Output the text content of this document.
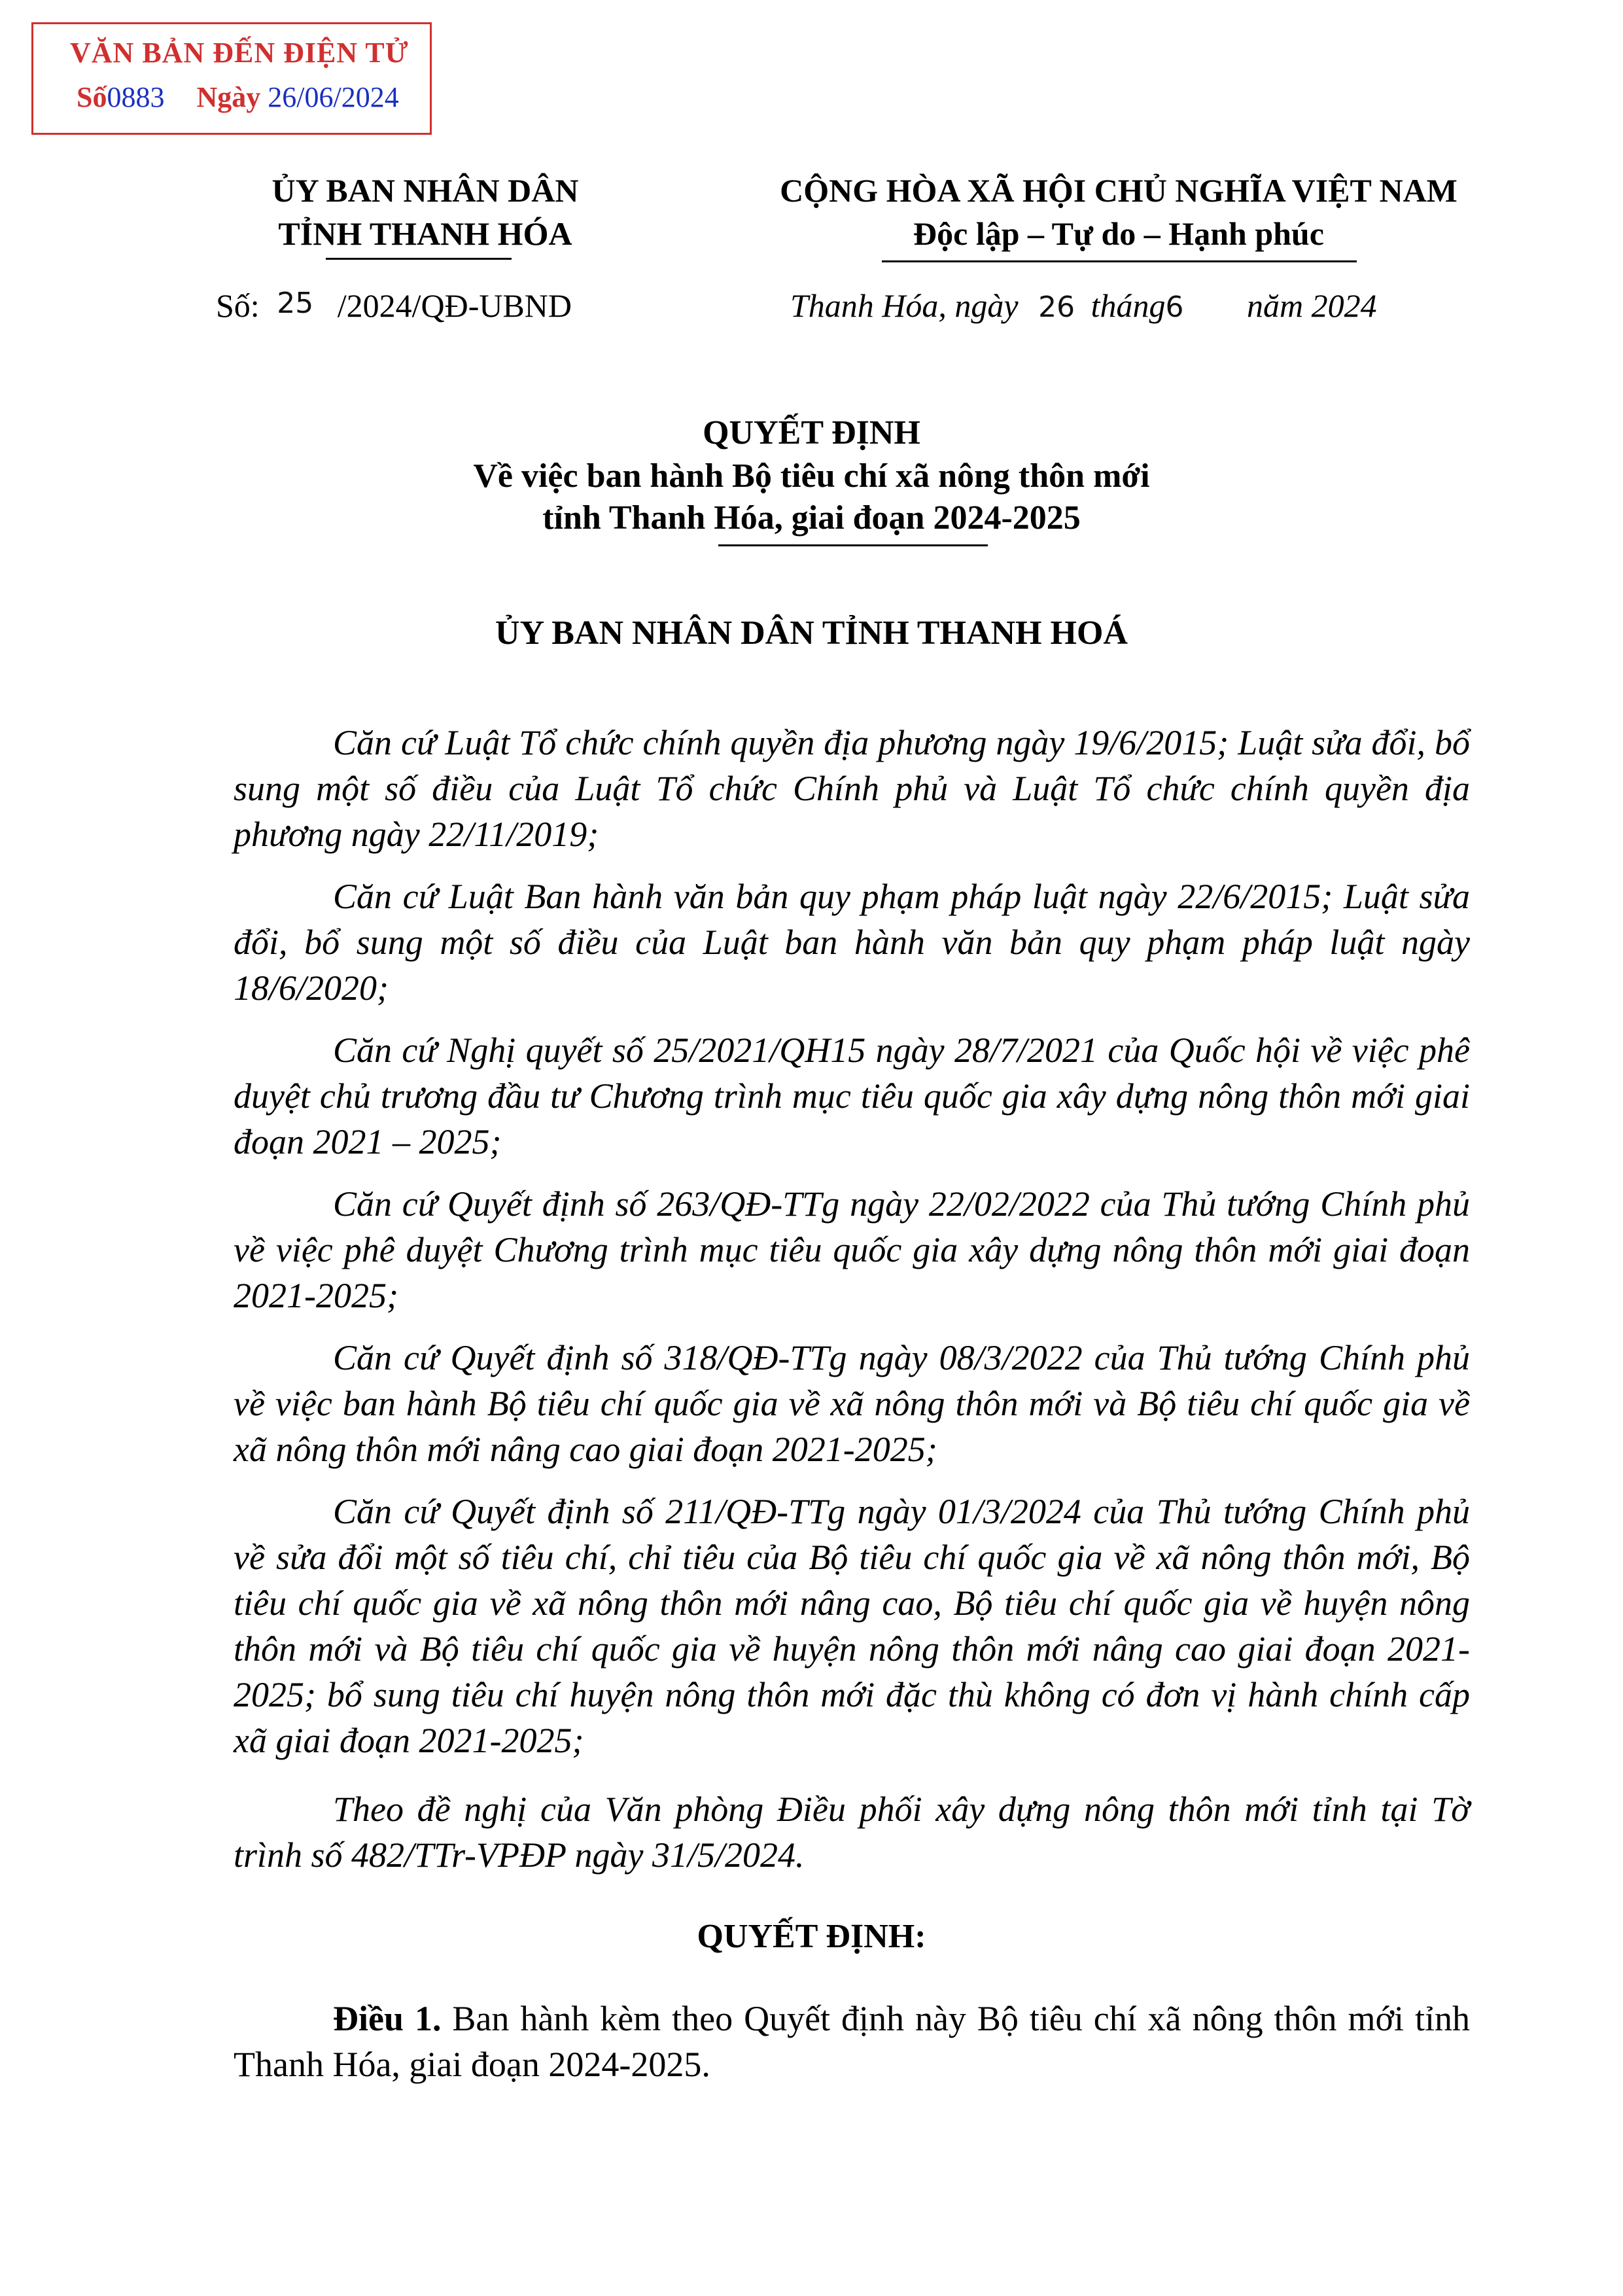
VĂN BẢN ĐẾN ĐIỆN TỬ
Số0883 Ngày 26/06/2024
ỦY BAN NHÂN DÂN
TỈNH THANH HÓA
CỘNG HÒA XÃ HỘI CHỦ NGHĨA VIỆT NAM
Độc lập – Tự do – Hạnh phúc
Số: 25 /2024/QĐ-UBND	Thanh Hóa, ngày 26 tháng6 năm 2024
QUYẾT ĐỊNH
Về việc ban hành Bộ tiêu chí xã nông thôn mới
tỉnh Thanh Hóa, giai đoạn 2024-2025
ỦY BAN NHÂN DÂN TỈNH THANH HOÁ
Căn cứ Luật Tổ chức chính quyền địa phương ngày 19/6/2015; Luật sửa đổi, bổ sung một số điều của Luật Tổ chức Chính phủ và Luật Tổ chức chính quyền địa phương ngày 22/11/2019;
Căn cứ Luật Ban hành văn bản quy phạm pháp luật ngày 22/6/2015; Luật sửa đổi, bổ sung một số điều của Luật ban hành văn bản quy phạm pháp luật ngày 18/6/2020;
Căn cứ Nghị quyết số 25/2021/QH15 ngày 28/7/2021 của Quốc hội về việc phê duyệt chủ trương đầu tư Chương trình mục tiêu quốc gia xây dựng nông thôn mới giai đoạn 2021 – 2025;
Căn cứ Quyết định số 263/QĐ-TTg ngày 22/02/2022 của Thủ tướng Chính phủ về việc phê duyệt Chương trình mục tiêu quốc gia xây dựng nông thôn mới giai đoạn 2021-2025;
Căn cứ Quyết định số 318/QĐ-TTg ngày 08/3/2022 của Thủ tướng Chính phủ về việc ban hành Bộ tiêu chí quốc gia về xã nông thôn mới và Bộ tiêu chí quốc gia về xã nông thôn mới nâng cao giai đoạn 2021-2025;
Căn cứ Quyết định số 211/QĐ-TTg ngày 01/3/2024 của Thủ tướng Chính phủ về sửa đổi một số tiêu chí, chỉ tiêu của Bộ tiêu chí quốc gia về xã nông thôn mới, Bộ tiêu chí quốc gia về xã nông thôn mới nâng cao, Bộ tiêu chí quốc gia về huyện nông thôn mới và Bộ tiêu chí quốc gia về huyện nông thôn mới nâng cao giai đoạn 2021-2025; bổ sung tiêu chí huyện nông thôn mới đặc thù không có đơn vị hành chính cấp xã giai đoạn 2021-2025;
Theo đề nghị của Văn phòng Điều phối xây dựng nông thôn mới tỉnh tại Tờ trình số 482/TTr-VPĐP ngày 31/5/2024.
QUYẾT ĐỊNH:
Điều 1. Ban hành kèm theo Quyết định này Bộ tiêu chí xã nông thôn mới tỉnh Thanh Hóa, giai đoạn 2024-2025.
